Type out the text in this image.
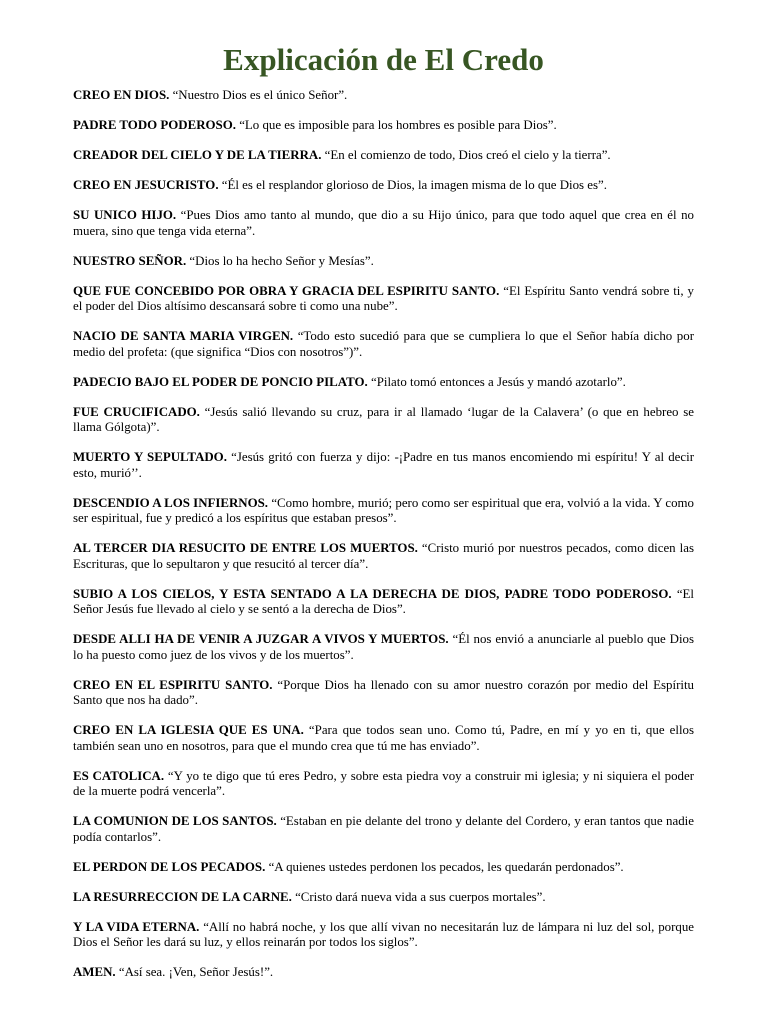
Explicación de El Credo

CREO EN DIOS. “Nuestro Dios es el único Señor”.

PADRE TODO PODEROSO. “Lo que es imposible para los hombres es posible para Dios”.

CREADOR DEL CIELO Y DE LA TIERRA. “En el comienzo de todo, Dios creó el cielo y la tierra”.

CREO EN JESUCRISTO. “Él es el resplandor glorioso de Dios, la imagen misma de lo que Dios es”.

SU UNICO HIJO. “Pues Dios amo tanto al mundo, que dio a su Hijo único, para que todo aquel que crea en él no muera, sino que tenga vida eterna”.

NUESTRO SEÑOR. “Dios lo ha hecho Señor y Mesías”.

QUE FUE CONCEBIDO POR OBRA Y GRACIA DEL ESPIRITU SANTO. “El Espíritu Santo vendrá sobre ti, y el poder del Dios altísimo descansará sobre ti como una nube”.

NACIO DE SANTA MARIA VIRGEN. “Todo esto sucedió para que se cumpliera lo que el Señor había dicho por medio del profeta: (que significa “Dios con nosotros”)”.

PADECIO BAJO EL PODER DE PONCIO PILATO. “Pilato tomó entonces a Jesús y mandó azotarlo”.

FUE CRUCIFICADO. “Jesús salió llevando su cruz, para ir al llamado ‘lugar de la Calavera’ (o que en hebreo se llama Gólgota)”.

MUERTO Y SEPULTADO. “Jesús gritó con fuerza y dijo: -¡Padre en tus manos encomiendo mi espíritu! Y al decir esto, murió’’.

DESCENDIO A LOS INFIERNOS. “Como hombre, murió; pero como ser espiritual que era, volvió a la vida. Y como ser espiritual, fue y predicó a los espíritus que estaban presos”.

AL TERCER DIA RESUCITO DE ENTRE LOS MUERTOS. “Cristo murió por nuestros pecados, como dicen las Escrituras, que lo sepultaron y que resucitó al tercer día”.

SUBIO A LOS CIELOS, Y ESTA SENTADO A LA DERECHA DE DIOS, PADRE TODO PODEROSO. “El Señor Jesús fue llevado al cielo y se sentó a la derecha de Dios”.

DESDE ALLI HA DE VENIR A JUZGAR A VIVOS Y MUERTOS. “Él nos envió a anunciarle al pueblo que Dios lo ha puesto como juez de los vivos y de los muertos”.

CREO EN EL ESPIRITU SANTO. “Porque Dios ha llenado con su amor nuestro corazón por medio del Espíritu Santo que nos ha dado”.

CREO EN LA IGLESIA QUE ES UNA. “Para que todos sean uno. Como tú, Padre, en mí y yo en ti, que ellos también sean uno en nosotros, para que el mundo crea que tú me has enviado”.

ES CATOLICA. “Y yo te digo que tú eres Pedro, y sobre esta piedra voy a construir mi iglesia; y ni siquiera el poder de la muerte podrá vencerla”.

LA COMUNION DE LOS SANTOS. “Estaban en pie delante del trono y delante del Cordero, y eran tantos que nadie podía contarlos”.

EL PERDON DE LOS PECADOS. “A quienes ustedes perdonen los pecados, les quedarán perdonados”.

LA RESURRECCION DE LA CARNE. “Cristo dará nueva vida a sus cuerpos mortales”.

Y LA VIDA ETERNA. “Allí no habrá noche, y los que allí vivan no necesitarán luz de lámpara ni luz del sol, porque Dios el Señor les dará su luz, y ellos reinarán por todos los siglos”.

AMEN. “Así sea. ¡Ven, Señor Jesús!”.
